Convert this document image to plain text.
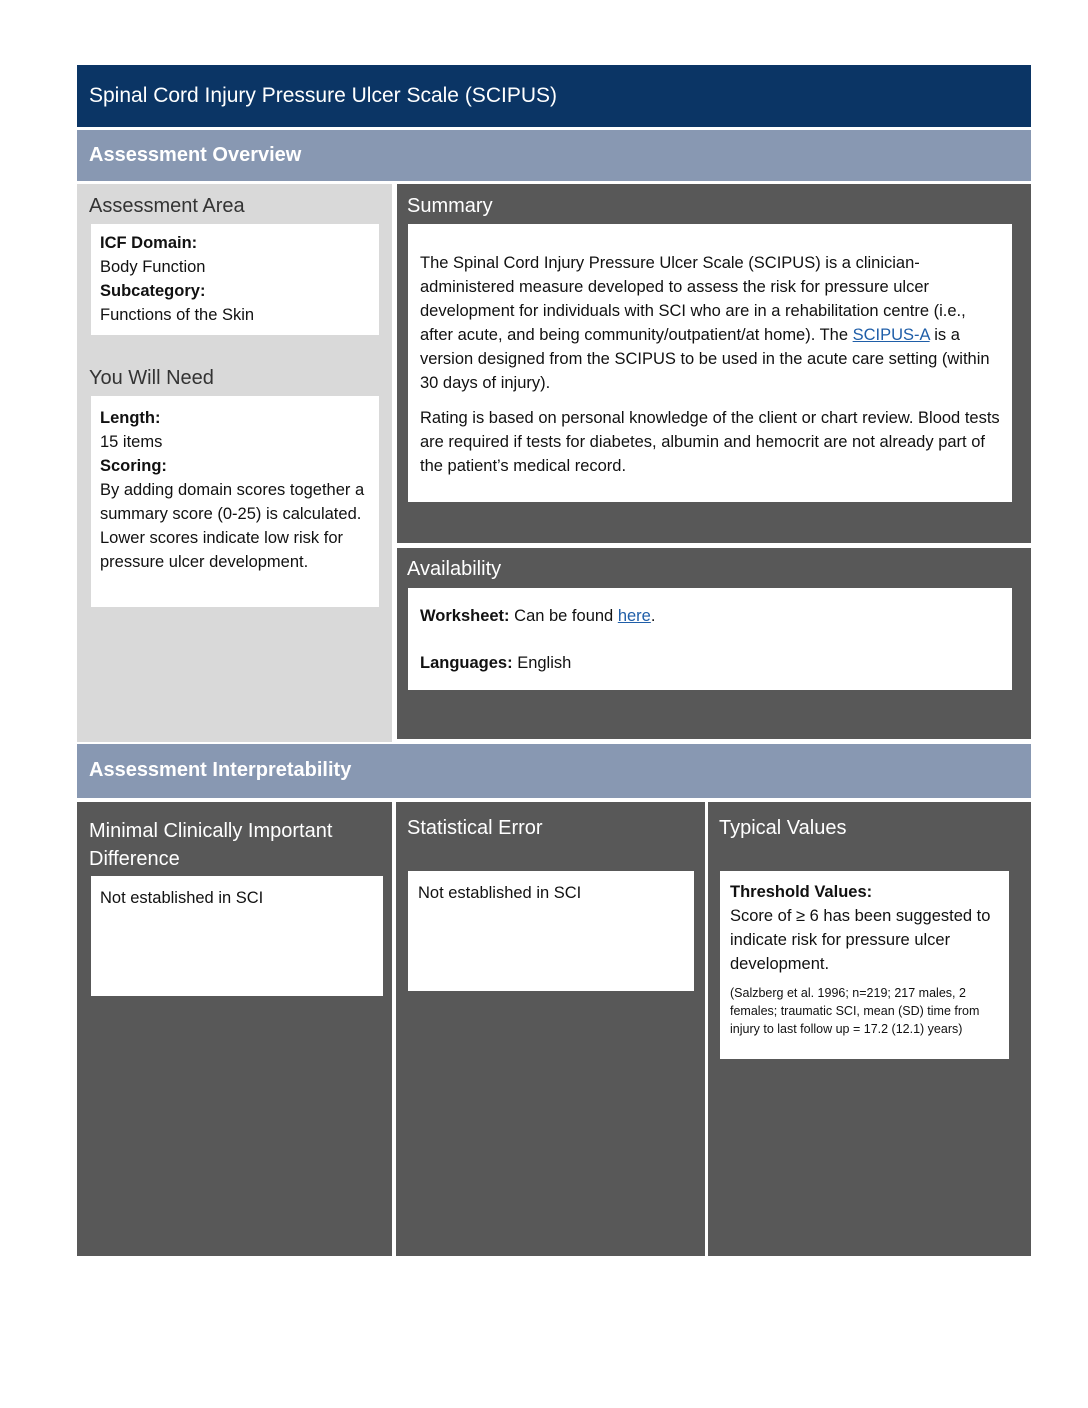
Spinal Cord Injury Pressure Ulcer Scale (SCIPUS)
Assessment Overview
Assessment Area

ICF Domain:

Body Function

Subcategory:

Functions of the Skin

You Will Need

Length:

15 items

Scoring:

By adding domain scores together a summary score (0-25) is calculated. Lower scores indicate low risk for pressure ulcer development.

Summary

The Spinal Cord Injury Pressure Ulcer Scale (SCIPUS) is a clinician-administered measure developed to assess the risk for pressure ulcer development for individuals with SCI who are in a rehabilitation centre (i.e., after acute, and being community/outpatient/at home). The SCIPUS-A is a version designed from the SCIPUS to be used in the acute care setting (within 30 days of injury).

Rating is based on personal knowledge of the client or chart review. Blood tests are required if tests for diabetes, albumin and hemocrit are not already part of the patient’s medical record.

Availability

Worksheet: Can be found here.

Languages: English

Assessment Interpretability
Minimal Clinically Important Difference
Not established in SCI
Statistical Error
Not established in SCI
Typical Values

Threshold Values:

Score of ≥ 6 has been suggested to indicate risk for pressure ulcer development.

(Salzberg et al. 1996; n=219; 217 males, 2 females; traumatic SCI, mean (SD) time from injury to last follow up = 17.2 (12.1) years)
